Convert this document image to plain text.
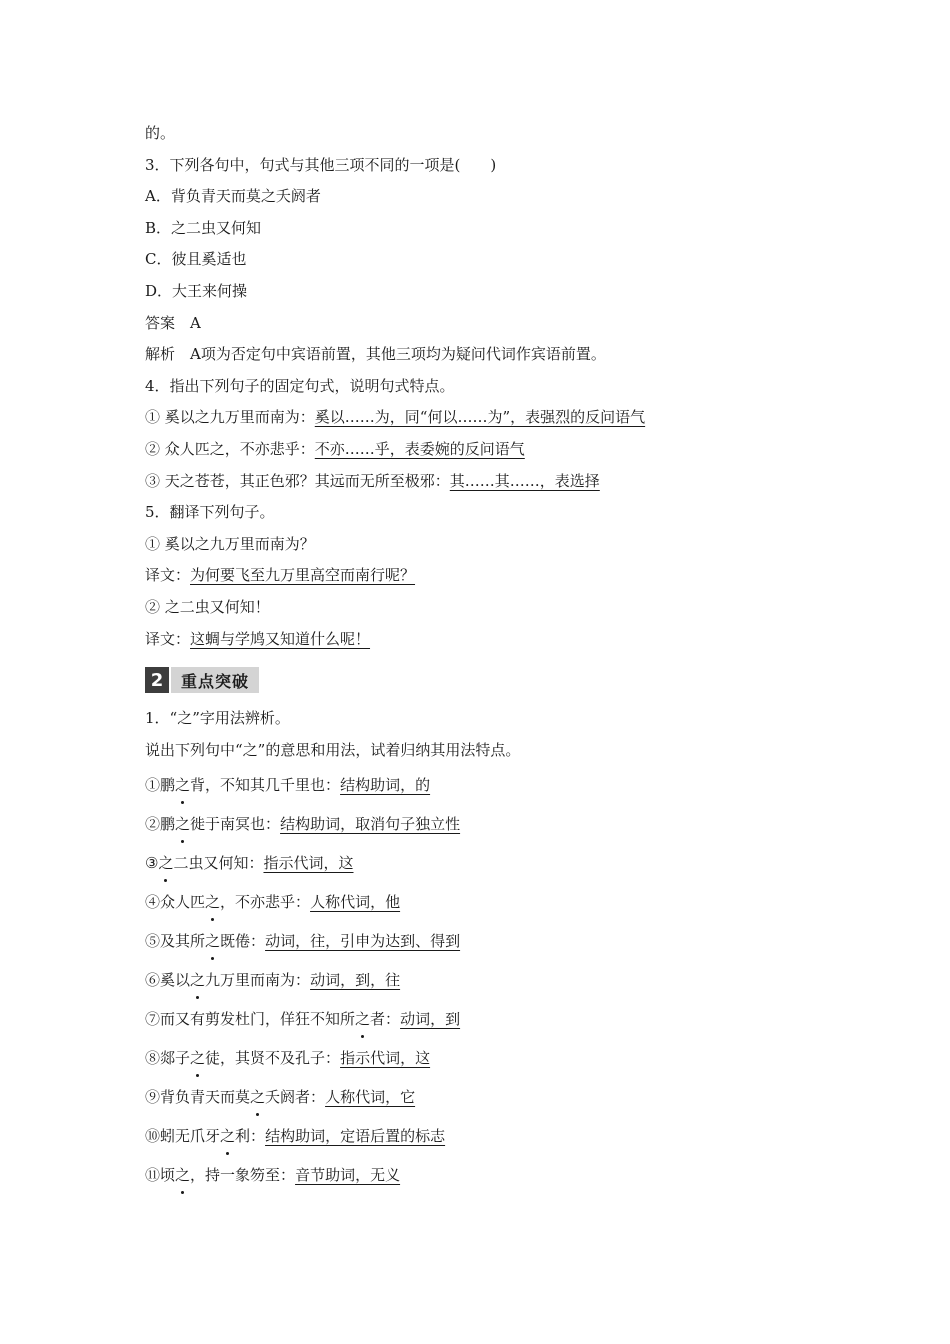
的。
3．下列各句中，句式与其他三项不同的一项是(　　)
A．背负青天而莫之夭阏者
B．之二虫又何知
C．彼且奚适也
D．大王来何操
答案　A
解析　A项为否定句中宾语前置，其他三项均为疑问代词作宾语前置。
4．指出下列句子的固定句式，说明句式特点。
① 奚以之九万里而南为：奚以……为，同“何以……为”，表强烈的反问语气
② 众人匹之，不亦悲乎：不亦……乎，表委婉的反问语气
③ 天之苍苍，其正色邪？其远而无所至极邪：其……其……，表选择
5．翻译下列句子。
① 奚以之九万里而南为？
译文：为何要飞至九万里高空而南行呢？
② 之二虫又何知！
译文：这蜩与学鸠又知道什么呢！
2	重点突破
1．“之”字用法辨析。
说出下列句中“之”的意思和用法，试着归纳其用法特点。
①鹏之背，不知其几千里也：结构助词，的
②鹏之徙于南冥也：结构助词，取消句子独立性
③之二虫又何知：指示代词，这
④众人匹之，不亦悲乎：人称代词，他
⑤及其所之既倦：动词，往，引申为达到、得到
⑥奚以之九万里而南为：动词，到，往
⑦而又有剪发杜门，佯狂不知所之者：动词，到
⑧郯子之徒，其贤不及孔子：指示代词，这
⑨背负青天而莫之夭阏者：人称代词，它
⑩蚓无爪牙之利：结构助词，定语后置的标志
⑪顷之，持一象笏至：音节助词，无义
